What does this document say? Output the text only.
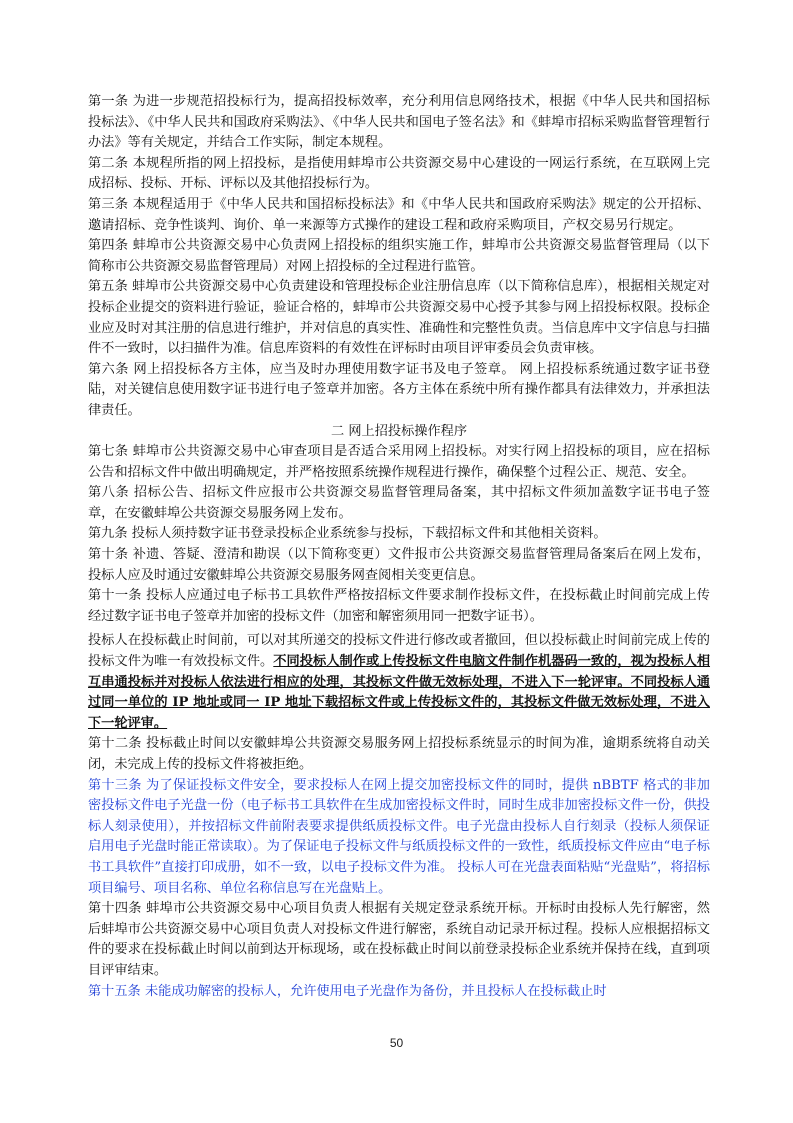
第一条 为进一步规范招投标行为，提高招投标效率，充分利用信息网络技术，根据《中华人民共和国招标投标法》、《中华人民共和国政府采购法》、《中华人民共和国电子签名法》和《蚌埠市招标采购监督管理暂行办法》等有关规定，并结合工作实际，制定本规程。

第二条 本规程所指的网上招投标，是指使用蚌埠市公共资源交易中心建设的一网运行系统，在互联网上完成招标、投标、开标、评标以及其他招投标行为。

第三条 本规程适用于《中华人民共和国招标投标法》和《中华人民共和国政府采购法》规定的公开招标、邀请招标、竞争性谈判、询价、单一来源等方式操作的建设工程和政府采购项目，产权交易另行规定。

第四条 蚌埠市公共资源交易中心负责网上招投标的组织实施工作，蚌埠市公共资源交易监督管理局（以下简称市公共资源交易监督管理局）对网上招投标的全过程进行监管。

第五条 蚌埠市公共资源交易中心负责建设和管理投标企业注册信息库（以下简称信息库），根据相关规定对投标企业提交的资料进行验证，验证合格的，蚌埠市公共资源交易中心授予其参与网上招投标权限。投标企业应及时对其注册的信息进行维护，并对信息的真实性、准确性和完整性负责。当信息库中文字信息与扫描件不一致时，以扫描件为准。信息库资料的有效性在评标时由项目评审委员会负责审核。

第六条 网上招投标各方主体，应当及时办理使用数字证书及电子签章。 网上招投标系统通过数字证书登陆，对关键信息使用数字证书进行电子签章并加密。各方主体在系统中所有操作都具有法律效力，并承担法律责任。

二 网上招投标操作程序

第七条 蚌埠市公共资源交易中心审查项目是否适合采用网上招投标。对实行网上招投标的项目，应在招标公告和招标文件中做出明确规定，并严格按照系统操作规程进行操作，确保整个过程公正、规范、安全。

第八条 招标公告、招标文件应报市公共资源交易监督管理局备案，其中招标文件须加盖数字证书电子签章，在安徽蚌埠公共资源交易服务网上发布。

第九条 投标人须持数字证书登录投标企业系统参与投标，下载招标文件和其他相关资料。

第十条 补遗、答疑、澄清和勘误（以下简称变更）文件报市公共资源交易监督管理局备案后在网上发布，投标人应及时通过安徽蚌埠公共资源交易服务网查阅相关变更信息。

第十一条 投标人应通过电子标书工具软件严格按招标文件要求制作投标文件，在投标截止时间前完成上传经过数字证书电子签章并加密的投标文件（加密和解密须用同一把数字证书）。

投标人在投标截止时间前，可以对其所递交的投标文件进行修改或者撤回，但以投标截止时间前完成上传的投标文件为唯一有效投标文件。不同投标人制作或上传投标文件电脑文件制作机器码一致的，视为投标人相互串通投标并对投标人依法进行相应的处理，其投标文件做无效标处理，不进入下一轮评审。不同投标人通过同一单位的 IP 地址或同一 IP 地址下载招标文件或上传投标文件的，其投标文件做无效标处理，不进入下一轮评审。

第十二条 投标截止时间以安徽蚌埠公共资源交易服务网上招投标系统显示的时间为准，逾期系统将自动关闭，未完成上传的投标文件将被拒绝。

第十三条 为了保证投标文件安全，要求投标人在网上提交加密投标文件的同时，提供 nBBTF 格式的非加密投标文件电子光盘一份（电子标书工具软件在生成加密投标文件时，同时生成非加密投标文件一份，供投标人刻录使用），并按招标文件前附表要求提供纸质投标文件。电子光盘由投标人自行刻录（投标人须保证启用电子光盘时能正常读取）。为了保证电子投标文件与纸质投标文件的一致性，纸质投标文件应由“电子标书工具软件”直接打印成册，如不一致，以电子投标文件为准。 投标人可在光盘表面粘贴“光盘贴”，将招标项目编号、项目名称、单位名称信息写在光盘贴上。

第十四条 蚌埠市公共资源交易中心项目负责人根据有关规定登录系统开标。开标时由投标人先行解密，然后蚌埠市公共资源交易中心项目负责人对投标文件进行解密，系统自动记录开标过程。投标人应根据招标文件的要求在投标截止时间以前到达开标现场，或在投标截止时间以前登录投标企业系统并保持在线，直到项目评审结束。

第十五条 未能成功解密的投标人，允许使用电子光盘作为备份，并且投标人在投标截止时

50
